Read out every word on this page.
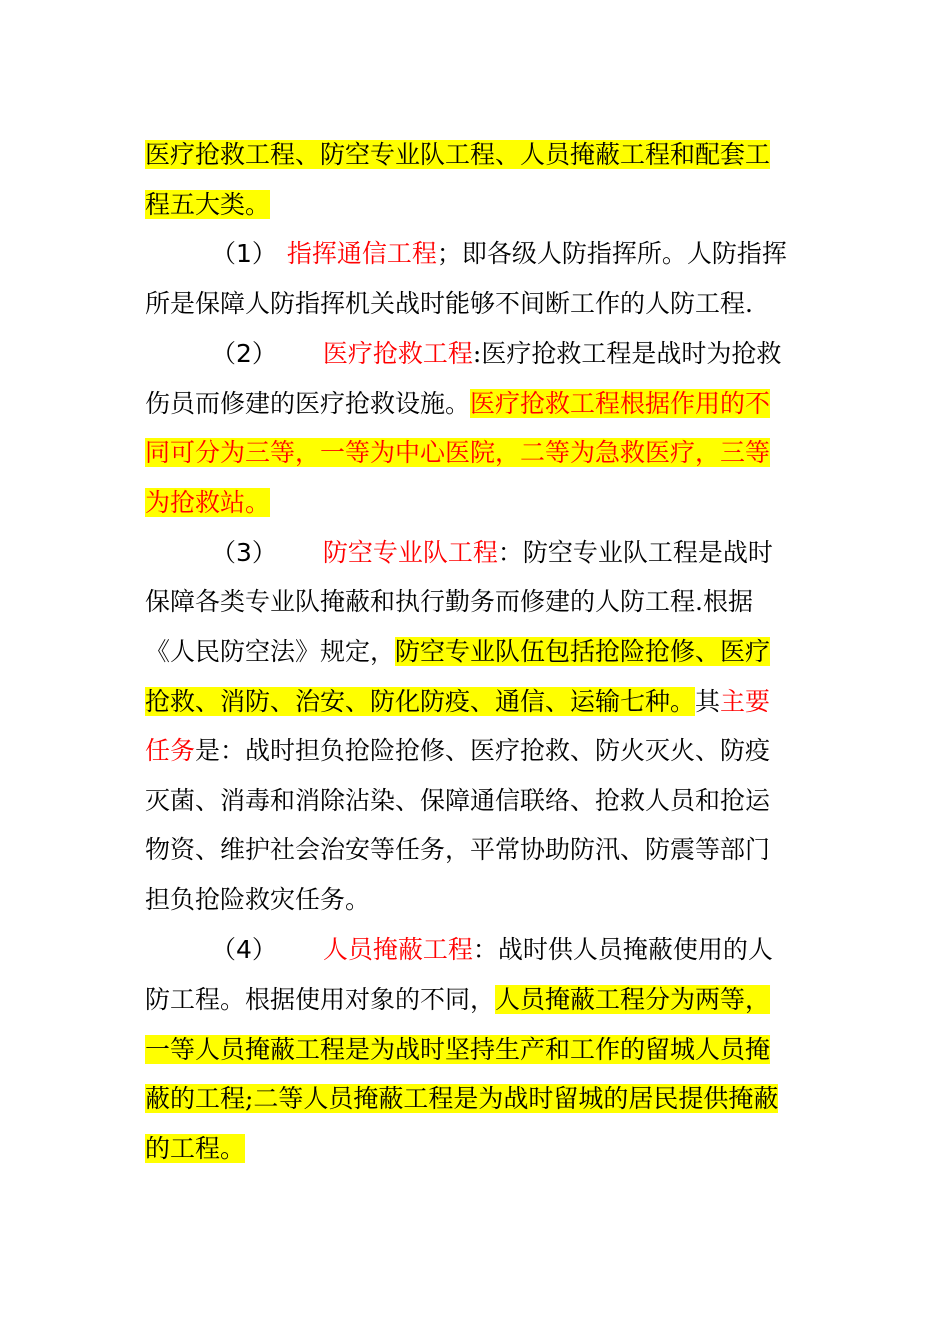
医疗抢救工程、防空专业队工程、人员掩蔽工程和配套工
程五大类。
（1） 指挥通信工程；即各级人防指挥所。人防指挥
所是保障人防指挥机关战时能够不间断工作的人防工程.
（2） 医疗抢救工程:医疗抢救工程是战时为抢救
伤员而修建的医疗抢救设施。医疗抢救工程根据作用的不
同可分为三等，一等为中心医院，二等为急救医疗，三等
为抢救站。
（3） 防空专业队工程：防空专业队工程是战时
保障各类专业队掩蔽和执行勤务而修建的人防工程.根据
《人民防空法》规定，防空专业队伍包括抢险抢修、医疗
抢救、消防、治安、防化防疫、通信、运输七种。其主要
任务是：战时担负抢险抢修、医疗抢救、防火灭火、防疫
灭菌、消毒和消除沾染、保障通信联络、抢救人员和抢运
物资、维护社会治安等任务，平常协助防汛、防震等部门
担负抢险救灾任务。
（4） 人员掩蔽工程：战时供人员掩蔽使用的人
防工程。根据使用对象的不同，人员掩蔽工程分为两等，
一等人员掩蔽工程是为战时坚持生产和工作的留城人员掩
蔽的工程;二等人员掩蔽工程是为战时留城的居民提供掩蔽
的工程。
